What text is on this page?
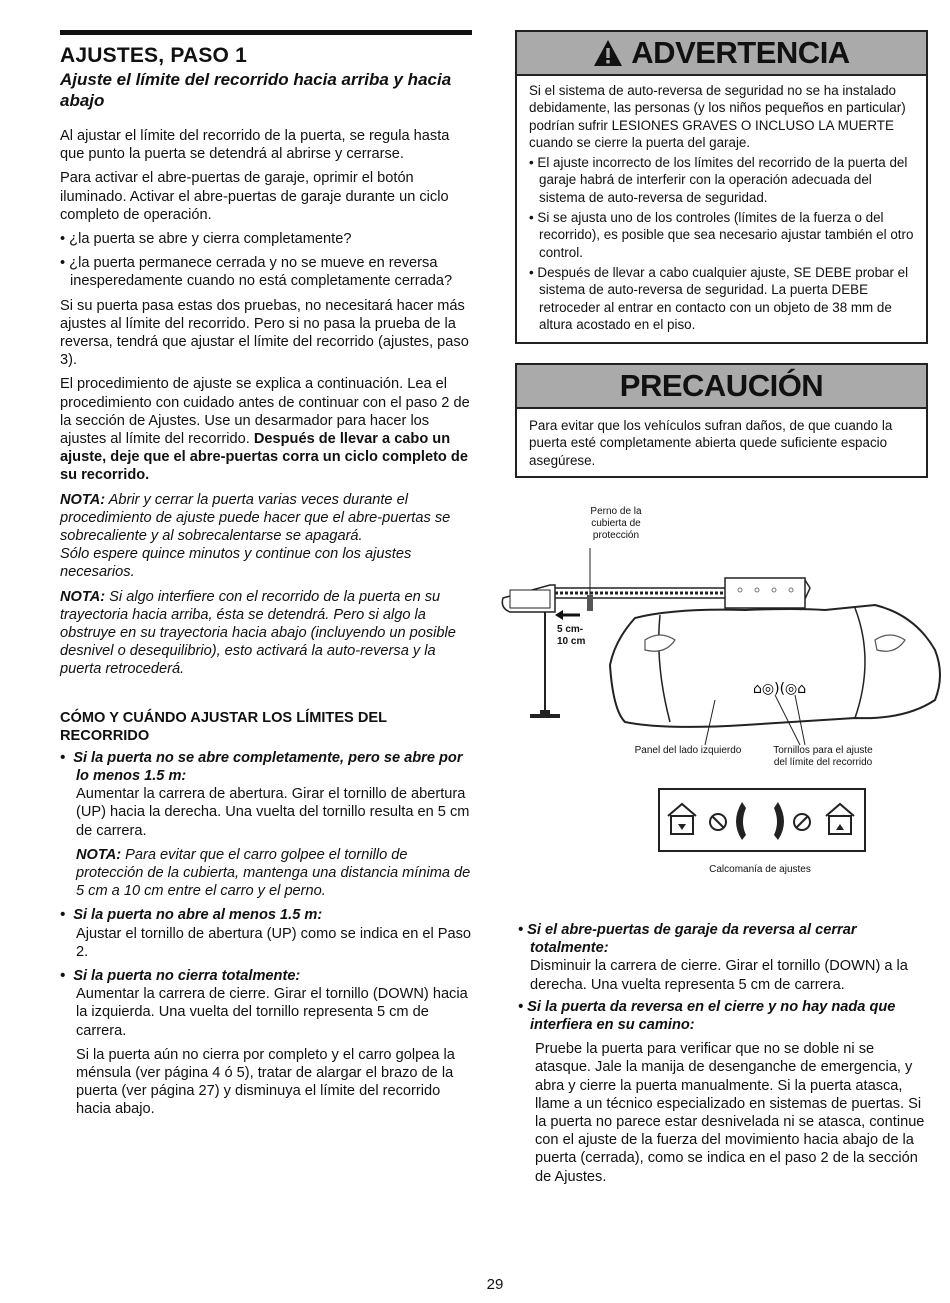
AJUSTES, PASO 1
Ajuste el límite del recorrido hacia arriba y hacia abajo

Al ajustar el límite del recorrido de la puerta, se regula hasta que punto la puerta se detendrá al abrirse y cerrarse.

Para activar el abre-puertas de garaje, oprimir el botón iluminado. Activar el abre-puertas de garaje durante un ciclo completo de operación.

• ¿la puerta se abre y cierra completamente?

• ¿la puerta permanece cerrada y no se mueve en reversa inesperedamente cuando no está completamente cerrada?

Si su puerta pasa estas dos pruebas, no necesitará hacer más ajustes al límite del recorrido. Pero si no pasa la prueba de la reversa, tendrá que ajustar el límite del recorrido (ajustes, paso 3).

El procedimiento de ajuste se explica a continuación. Lea el procedimiento con cuidado antes de continuar con el paso 2 de la sección de Ajustes. Use un desarmador para hacer los ajustes al límite del recorrido. Después de llevar a cabo un ajuste, deje que el abre-puertas corra un ciclo completo de su recorrido.

NOTA: Abrir y cerrar la puerta varias veces durante el procedimiento de ajuste puede hacer que el abre-puertas se sobrecaliente y al sobrecalentarse se apagará.
Sólo espere quince minutos y continue con los ajustes necesarios.

NOTA: Si algo interfiere con el recorrido de la puerta en su trayectoria hacia arriba, ésta se detendrá. Pero si algo la obstruye en su trayectoria hacia abajo (incluyendo un posible desnivel o desequilibrio), esto activará la auto-reversa y la puerta retrocederá.

CÓMO Y CUÁNDO AJUSTAR LOS LÍMITES DEL RECORRIDO
•  Si la puerta no se abre completamente, pero se abre por lo menos 1.5 m:

Aumentar la carrera de abertura. Girar el tornillo de abertura (UP) hacia la derecha. Una vuelta del tornillo resulta en 5 cm de carrera.

NOTA: Para evitar que el carro golpee el tornillo de protección de la cubierta, mantenga una distancia mínima de 5 cm a 10 cm entre el carro y el perno.

•  Si la puerta no abre al menos 1.5 m:

Ajustar el tornillo de abertura (UP) como se indica en el Paso 2.

•  Si la puerta no cierra totalmente:

Aumentar la carrera de cierre. Girar el tornillo (DOWN) hacia la izquierda. Una vuelta del tornillo representa 5 cm de carrera.

Si la puerta aún no cierra por completo y el carro golpea la ménsula (ver página 4 ó 5), tratar de alargar el brazo de la puerta (ver página 27) y disminuya el límite del recorrido hacia abajo.

ADVERTENCIA

Si el sistema de auto-reversa de seguridad no se ha instalado debidamente, las personas (y los niños pequeños en particular) podrían sufrir LESIONES GRAVES O INCLUSO LA MUERTE cuando se cierre la puerta del garaje.

• El ajuste incorrecto de los límites del recorrido de la puerta del garaje habrá de interferir con la operación adecuada del sistema de auto-reversa de seguridad.

• Si se ajusta uno de los controles (límites de la fuerza o del recorrido), es posible que sea necesario ajustar también el otro control.

• Después de llevar a cabo cualquier ajuste, SE DEBE probar el sistema de auto-reversa de seguridad. La puerta DEBE retroceder al entrar en contacto con un objeto de 38 mm de altura acostado en el piso.

PRECAUCIÓN
Para evitar que los vehículos sufran daños, de que cuando la puerta esté completamente abierta quede suficiente espacio asegúrese.
⌂◎)(◎⌂
Perno de la cubierta de protección
5 cm-
10 cm
Panel del lado izquierdo	Tornillos para el ajuste del límite del recorrido
Calcomanía de ajustes
• Si el abre-puertas de garaje da reversa al cerrar totalmente:

Disminuir la carrera de cierre. Girar el tornillo (DOWN) a la derecha. Una vuelta representa 5 cm de carrera.

• Si la puerta da reversa en el cierre y no hay nada que interfiera en su camino:

Pruebe la puerta para verificar que no se doble ni se atasque. Jale la manija de desenganche de emergencia, y abra y cierre la puerta manualmente. Si la puerta atasca, llame a un técnico especializado en sistemas de puertas. Si la puerta no parece estar desnivelada ni se atasca, continue con el ajuste de la fuerza del movimiento hacia abajo de la puerta (cerrada), como se indica en el paso 2 de la sección de Ajustes.

29
